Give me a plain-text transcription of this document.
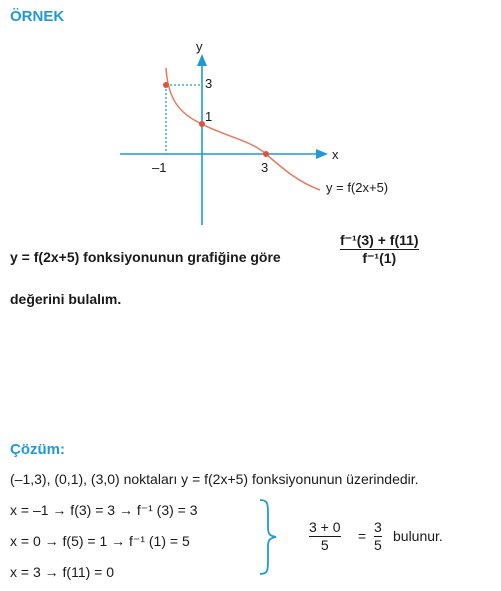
ÖRNEK
y
x
3
1
–1	3
y = f(2x+5)
y = f(2x+5) fonksiyonunun grafiğine göre
f⁻¹(3) + f(11)
f⁻¹(1)
değerini bulalım.
Çözüm:
(–1,3), (0,1), (3,0) noktaları y = f(2x+5) fonksiyonunun üzerindedir.
x = –1 → f(3) = 3 → f⁻¹ (3) = 3
x = 0 → f(5) = 1 → f⁻¹ (1) = 5
x = 3 → f(11) = 0
3 + 0
5
=
3
5
bulunur.
